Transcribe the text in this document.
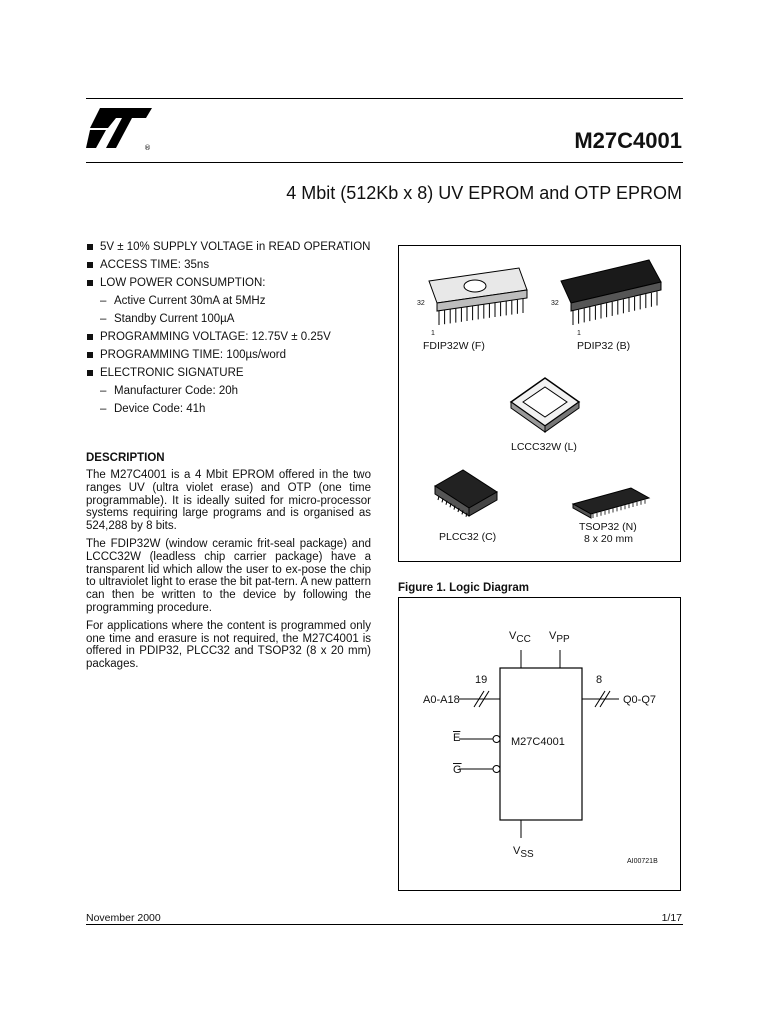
®	M27C4001
4 Mbit (512Kb x 8) UV EPROM and OTP EPROM
5V ± 10% SUPPLY VOLTAGE in READ OPERATION
ACCESS TIME: 35ns
LOW POWER CONSUMPTION:
– Active Current 30mA at 5MHz
– Standby Current 100µA
PROGRAMMING VOLTAGE: 12.75V ± 0.25V
PROGRAMMING TIME: 100µs/word
ELECTRONIC SIGNATURE
– Manufacturer Code: 20h
– Device Code: 41h
DESCRIPTION

The M27C4001 is a 4 Mbit EPROM offered in the two ranges UV (ultra violet erase) and OTP (one time programmable). It is ideally suited for micro-processor systems requiring large programs and is organised as 524,288 by 8 bits.

The FDIP32W (window ceramic frit-seal package) and LCCC32W (leadless chip carrier package) have a transparent lid which allow the user to ex-pose the chip to ultraviolet light to erase the bit pat-tern. A new pattern can then be written to the device by following the programming procedure.

For applications where the content is programmed only one time and erasure is not required, the M27C4001 is offered in PDIP32, PLCC32 and TSOP32 (8 x 20 mm) packages.

32
1
FDIP32W (F)
32
1
PDIP32 (B)
LCCC32W (L)
PLCC32 (C)
TSOP32 (N)
8 x 20 mm
Figure 1. Logic Diagram
VCC VPP
19
A0-A18
8
Q0-Q7
$\overline{E}$	M27C4001
$\overline{G}$
VSS
AI00721B
November 2000	1/17
